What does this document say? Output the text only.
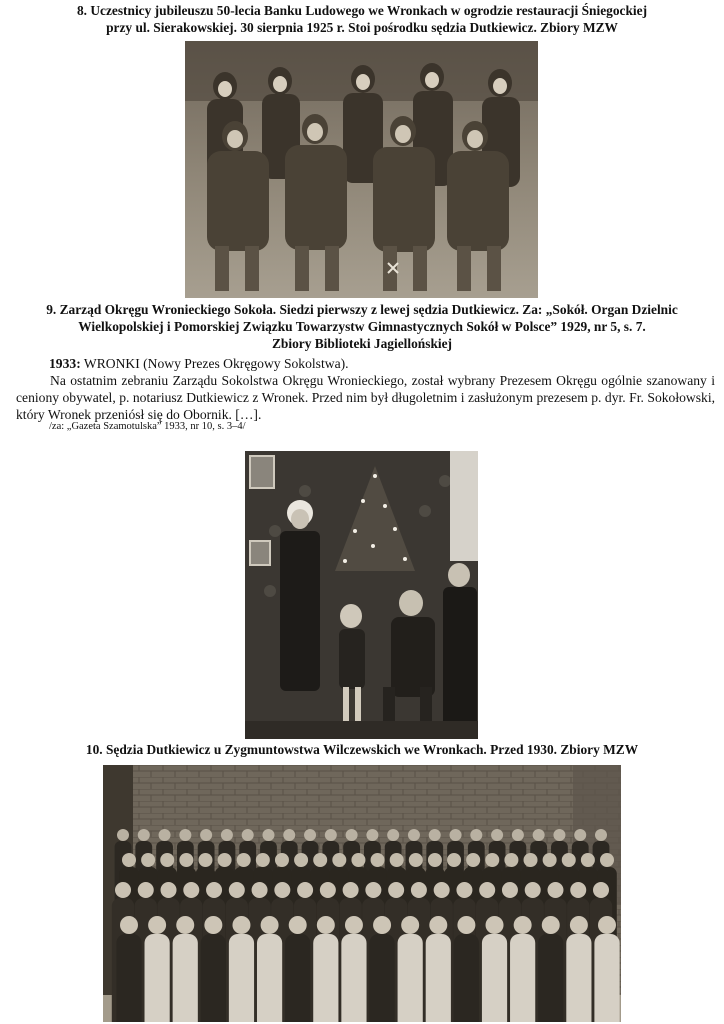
8. Uczestnicy jubileuszu 50-lecia Banku Ludowego we Wronkach w ogrodzie restauracji Śniegockiej
przy ul. Sierakowskiej. 30 sierpnia 1925 r. Stoi pośrodku sędzia Dutkiewicz. Zbiory MZW
9. Zarząd Okręgu Wronieckiego Sokoła. Siedzi pierwszy z lewej sędzia Dutkiewicz. Za: „Sokół. Organ Dzielnic
Wielkopolskiej i Pomorskiej Związku Towarzystw Gimnastycznych Sokół w Polsce” 1929, nr 5, s. 7.
Zbiory Biblioteki Jagiellońskiej
1933: WRONKI (Nowy Prezes Okręgowy Sokolstwa).
Na ostatnim zebraniu Zarządu Sokolstwa Okręgu Wronieckiego, został wybrany Prezesem Okręgu ogólnie szanowany i ceniony obywatel, p. notariusz Dutkiewicz z Wronek. Przed nim był długoletnim i zasłużonym prezesem p. dyr. Fr. Sokołowski, który Wronek przeniósł się do Obornik. […].
/za: „Gazeta Szamotulska” 1933, nr 10, s. 3–4/
10. Sędzia Dutkiewicz u Zygmuntowstwa Wilczewskich we Wronkach. Przed 1930. Zbiory MZW
